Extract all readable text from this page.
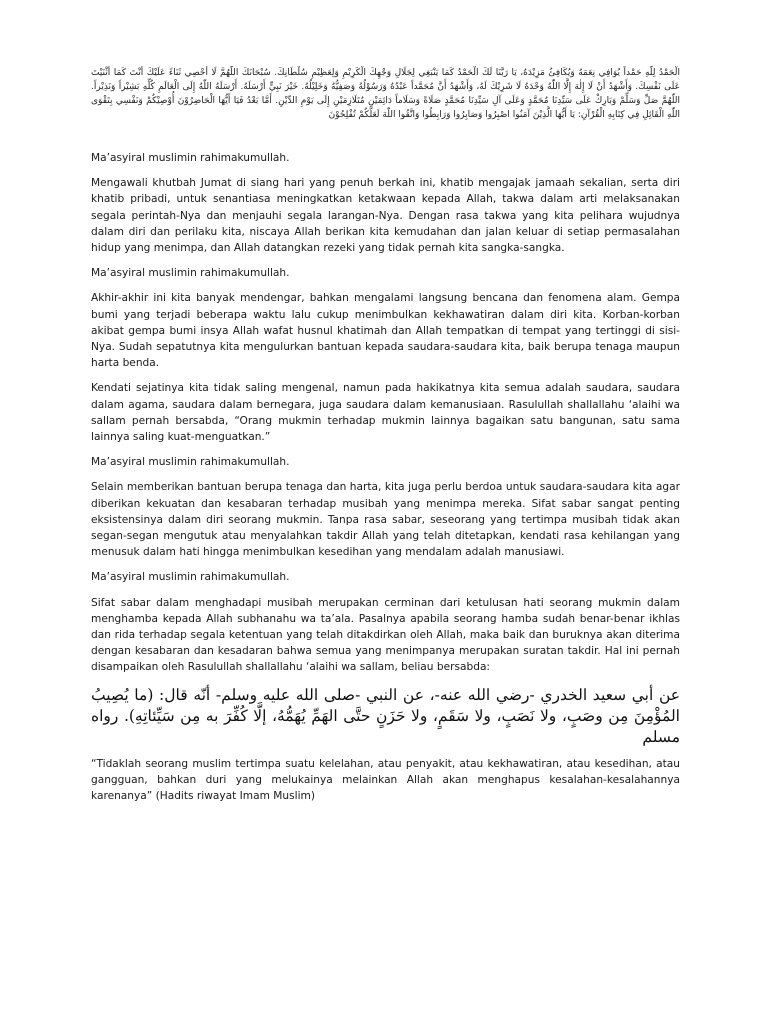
الْحَمْدُ لِلّٰهِ حَمْداً يُوَافِي نِعَمَهُ وَيُكَافِئُ مَزِيْدَهُ، يَا رَبَّنَا لَكَ الْحَمْدُ كَمَا يَنْبَغِي لِجَلَالِ وَجْهِكَ الْكَرِيْمِ وَلِعَظِيْمِ سُلْطَانِكَ. سُبْحَانَكَ اللّٰهُمَّ لَا أُحْصِي ثَنَاءً عَلَيْكَ أَنْتَ كَمَا أَثْنَيْتَ عَلَى نَفْسِكَ. وَأَشْهَدُ أَنْ لَا إِلٰهَ إِلَّا اللّٰهُ وَحْدَهُ لَا شَرِيْكَ لَهُ، وَأَشْهَدُ أَنَّ مُحَمَّداً عَبْدُهُ وَرَسُوْلُهُ وَصَفِيُّهُ وَخَلِيْلُهُ. خَيْرَ نَبِيٍّ أَرْسَلَهُ. أَرْسَلَهُ اللّٰهُ إِلَى الْعَالَمِ كُلِّهِ بَشِيْراً وَنَذِيْراً. اللّٰهُمَّ صَلِّ وَسَلِّمْ وَبَارِكْ عَلَى سَيِّدِنَا مُحَمَّدٍ وَعَلَى آلِ سَيِّدِنَا مُحَمَّدٍ صَلَاةً وَسَلَاماً دَائِمَيْنِ مُتَلَازِمَيْنِ إِلَى يَوْمِ الدِّيْنِ. أَمَّا بَعْدُ فَيَا أَيُّهَا الْحَاضِرُوْنَ أُوْصِيْكُمْ وَنَفْسِي بِتَقْوَى اللّٰهِ الْقَائِلِ فِي كِتَابِهِ الْقُرْآنِ: يَا أَيُّهَا الَّذِيْنَ آمَنُوا اصْبِرُوا وَصَابِرُوا وَرَابِطُوا وَاتَّقُوا اللّٰهَ لَعَلَّكُمْ تُفْلِحُوْنَ

Ma’asyiral muslimin rahimakumullah.

Mengawali khutbah Jumat di siang hari yang penuh berkah ini, khatib mengajak jamaah sekalian, serta diri khatib pribadi, untuk senantiasa meningkatkan ketakwaan kepada Allah, takwa dalam arti melaksanakan segala perintah-Nya dan menjauhi segala larangan-Nya. Dengan rasa takwa yang kita pelihara wujudnya dalam diri dan perilaku kita, niscaya Allah berikan kita kemudahan dan jalan keluar di setiap permasalahan hidup yang menimpa, dan Allah datangkan rezeki yang tidak pernah kita sangka-sangka.

Ma’asyiral muslimin rahimakumullah.

Akhir-akhir ini kita banyak mendengar, bahkan mengalami langsung bencana dan fenomena alam. Gempa bumi yang terjadi beberapa waktu lalu cukup menimbulkan kekhawatiran dalam diri kita. Korban-korban akibat gempa bumi insya Allah wafat husnul khatimah dan Allah tempatkan di tempat yang tertinggi di sisi-Nya. Sudah sepatutnya kita mengulurkan bantuan kepada saudara-saudara kita, baik berupa tenaga maupun harta benda.

Kendati sejatinya kita tidak saling mengenal, namun pada hakikatnya kita semua adalah saudara, saudara dalam agama, saudara dalam bernegara, juga saudara dalam kemanusiaan. Rasulullah shallallahu ‘alaihi wa sallam pernah bersabda, “Orang mukmin terhadap mukmin lainnya bagaikan satu bangunan, satu sama lainnya saling kuat-menguatkan.”

Ma’asyiral muslimin rahimakumullah.

Selain memberikan bantuan berupa tenaga dan harta, kita juga perlu berdoa untuk saudara-saudara kita agar diberikan kekuatan dan kesabaran terhadap musibah yang menimpa mereka. Sifat sabar sangat penting eksistensinya dalam diri seorang mukmin. Tanpa rasa sabar, seseorang yang tertimpa musibah tidak akan segan-segan mengutuk atau menyalahkan takdir Allah yang telah ditetapkan, kendati rasa kehilangan yang menusuk dalam hati hingga menimbulkan kesedihan yang mendalam adalah manusiawi.

Ma’asyiral muslimin rahimakumullah.

Sifat sabar dalam menghadapi musibah merupakan cerminan dari ketulusan hati seorang mukmin dalam menghamba kepada Allah subhanahu wa ta’ala. Pasalnya apabila seorang hamba sudah benar-benar ikhlas dan rida terhadap segala ketentuan yang telah ditakdirkan oleh Allah, maka baik dan buruknya akan diterima dengan kesabaran dan kesadaran bahwa semua yang menimpanya merupakan suratan takdir. Hal ini pernah disampaikan oleh Rasulullah shallallahu ‘alaihi wa sallam, beliau bersabda:

عن أبي سعيد الخدري -رضي الله عنه-، عن النبي -صلى الله عليه وسلم- أنّه قال: (ما يُصِيبُ المُؤْمِنَ مِن وصَبٍ، ولا نَصَبٍ، ولا سَقَمٍ، ولا حَزَنٍ حتَّى الهَمِّ يُهَمُّهُ، إلَّا كُفِّرَ به مِن سَيِّئاتِهِ). رواه مسلم

“Tidaklah seorang muslim tertimpa suatu kelelahan, atau penyakit, atau kekhawatiran, atau kesedihan, atau gangguan, bahkan duri yang melukainya melainkan Allah akan menghapus kesalahan-kesalahannya karenanya” (Hadits riwayat Imam Muslim)
